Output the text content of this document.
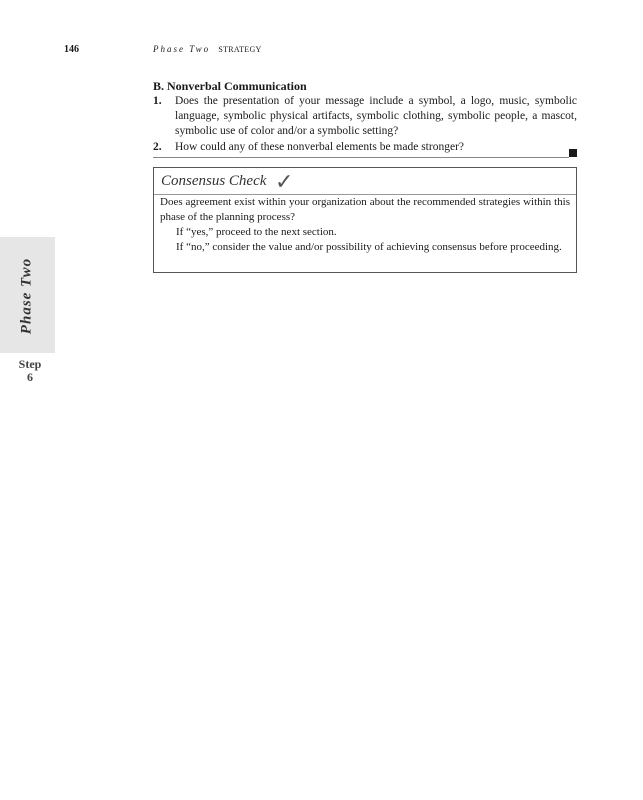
146	Phase Two STRATEGY
B. Nonverbal Communication
1. Does the presentation of your message include a symbol, a logo, music, symbolic language, symbolic physical artifacts, symbolic clothing, symbolic people, a mascot, symbolic use of color and/or a symbolic setting?
2. How could any of these nonverbal elements be made stronger?
Consensus Check ✓

Does agreement exist within your organization about the recommended strategies within this phase of the planning process?

If “yes,” proceed to the next section.

If “no,” consider the value and/or possibility of achieving consensus before proceeding.

Phase Two
Step
6
